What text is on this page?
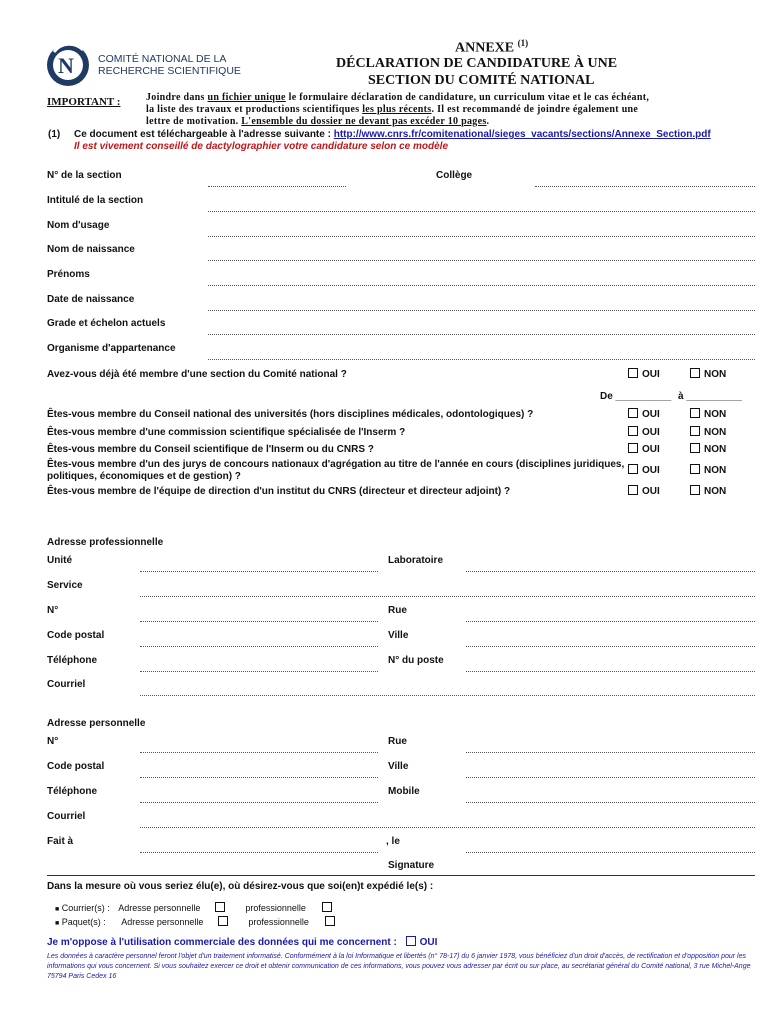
N COMITÉ NATIONAL DE LA
RECHERCHE SCIENTIFIQUE
ANNEXE $^{(1)}$
DÉCLARATION DE CANDIDATURE À UNE
SECTION DU COMITÉ NATIONAL
IMPORTANT :	Joindre dans un fichier unique le formulaire déclaration de candidature, un curriculum vitae et le cas échéant,
la liste des travaux et productions scientifiques les plus récents. Il est recommandé de joindre également une
lettre de motivation. L'ensemble du dossier ne devant pas excéder 10 pages.
(1) Ce document est téléchargeable à l'adresse suivante : http://www.cnrs.fr/comitenational/sieges_vacants/sections/Annexe_Section.pdf
Il est vivement conseillé de dactylographier votre candidature selon ce modèle
N° de la section	Collège
Intitulé de la section
Nom d'usage
Nom de naissance
Prénoms
Date de naissance
Grade et échelon actuels
Organisme d'appartenance
Avez-vous déjà été membre d'une section du Comité national ?	OUI	NON
De __________ à __________
Êtes-vous membre du Conseil national des universités (hors disciplines médicales, odontologiques) ?	OUI	NON
Êtes-vous membre d'une commission scientifique spécialisée de l'Inserm ?	OUI	NON
Êtes-vous membre du Conseil scientifique de l'Inserm ou du CNRS ?	OUI	NON
Êtes-vous membre d'un des jurys de concours nationaux d'agrégation au titre de l'année en cours (disciplines juridiques,
politiques, économiques et de gestion) ?
OUI	NON
Êtes-vous membre de l'équipe de direction d'un institut du CNRS (directeur et directeur adjoint) ?	OUI	NON
Adresse professionnelle
Unité	Laboratoire
Service
N°	Rue
Code postal	Ville
Téléphone	N° du poste
Courriel
Adresse personnelle
N°	Rue
Code postal	Ville
Téléphone	Mobile
Courriel
Fait à	, le
Signature
Dans la mesure où vous seriez élu(e), où désirez-vous que soi(en)t expédié le(s) :
■ Courrier(s) : Adresse personnelle	professionnelle
■ Paquet(s) : Adresse personnelle	professionnelle
Je m'oppose à l'utilisation commerciale des données qui me concernent : OUI
Les données à caractère personnel feront l'objet d'un traitement informatisé. Conformément à la loi Informatique et libertés (n° 78-17) du 6 janvier 1978, vous bénéficiez d'un droit d'accès, de rectification et d'opposition pour les informations qui vous concernent. Si vous souhaitez exercer ce droit et obtenir communication de ces informations, vous pouvez vous adresser par écrit ou sur place, au secrétariat général du Comité national, 3 rue Michel-Ange 75794 Paris Cedex 16
